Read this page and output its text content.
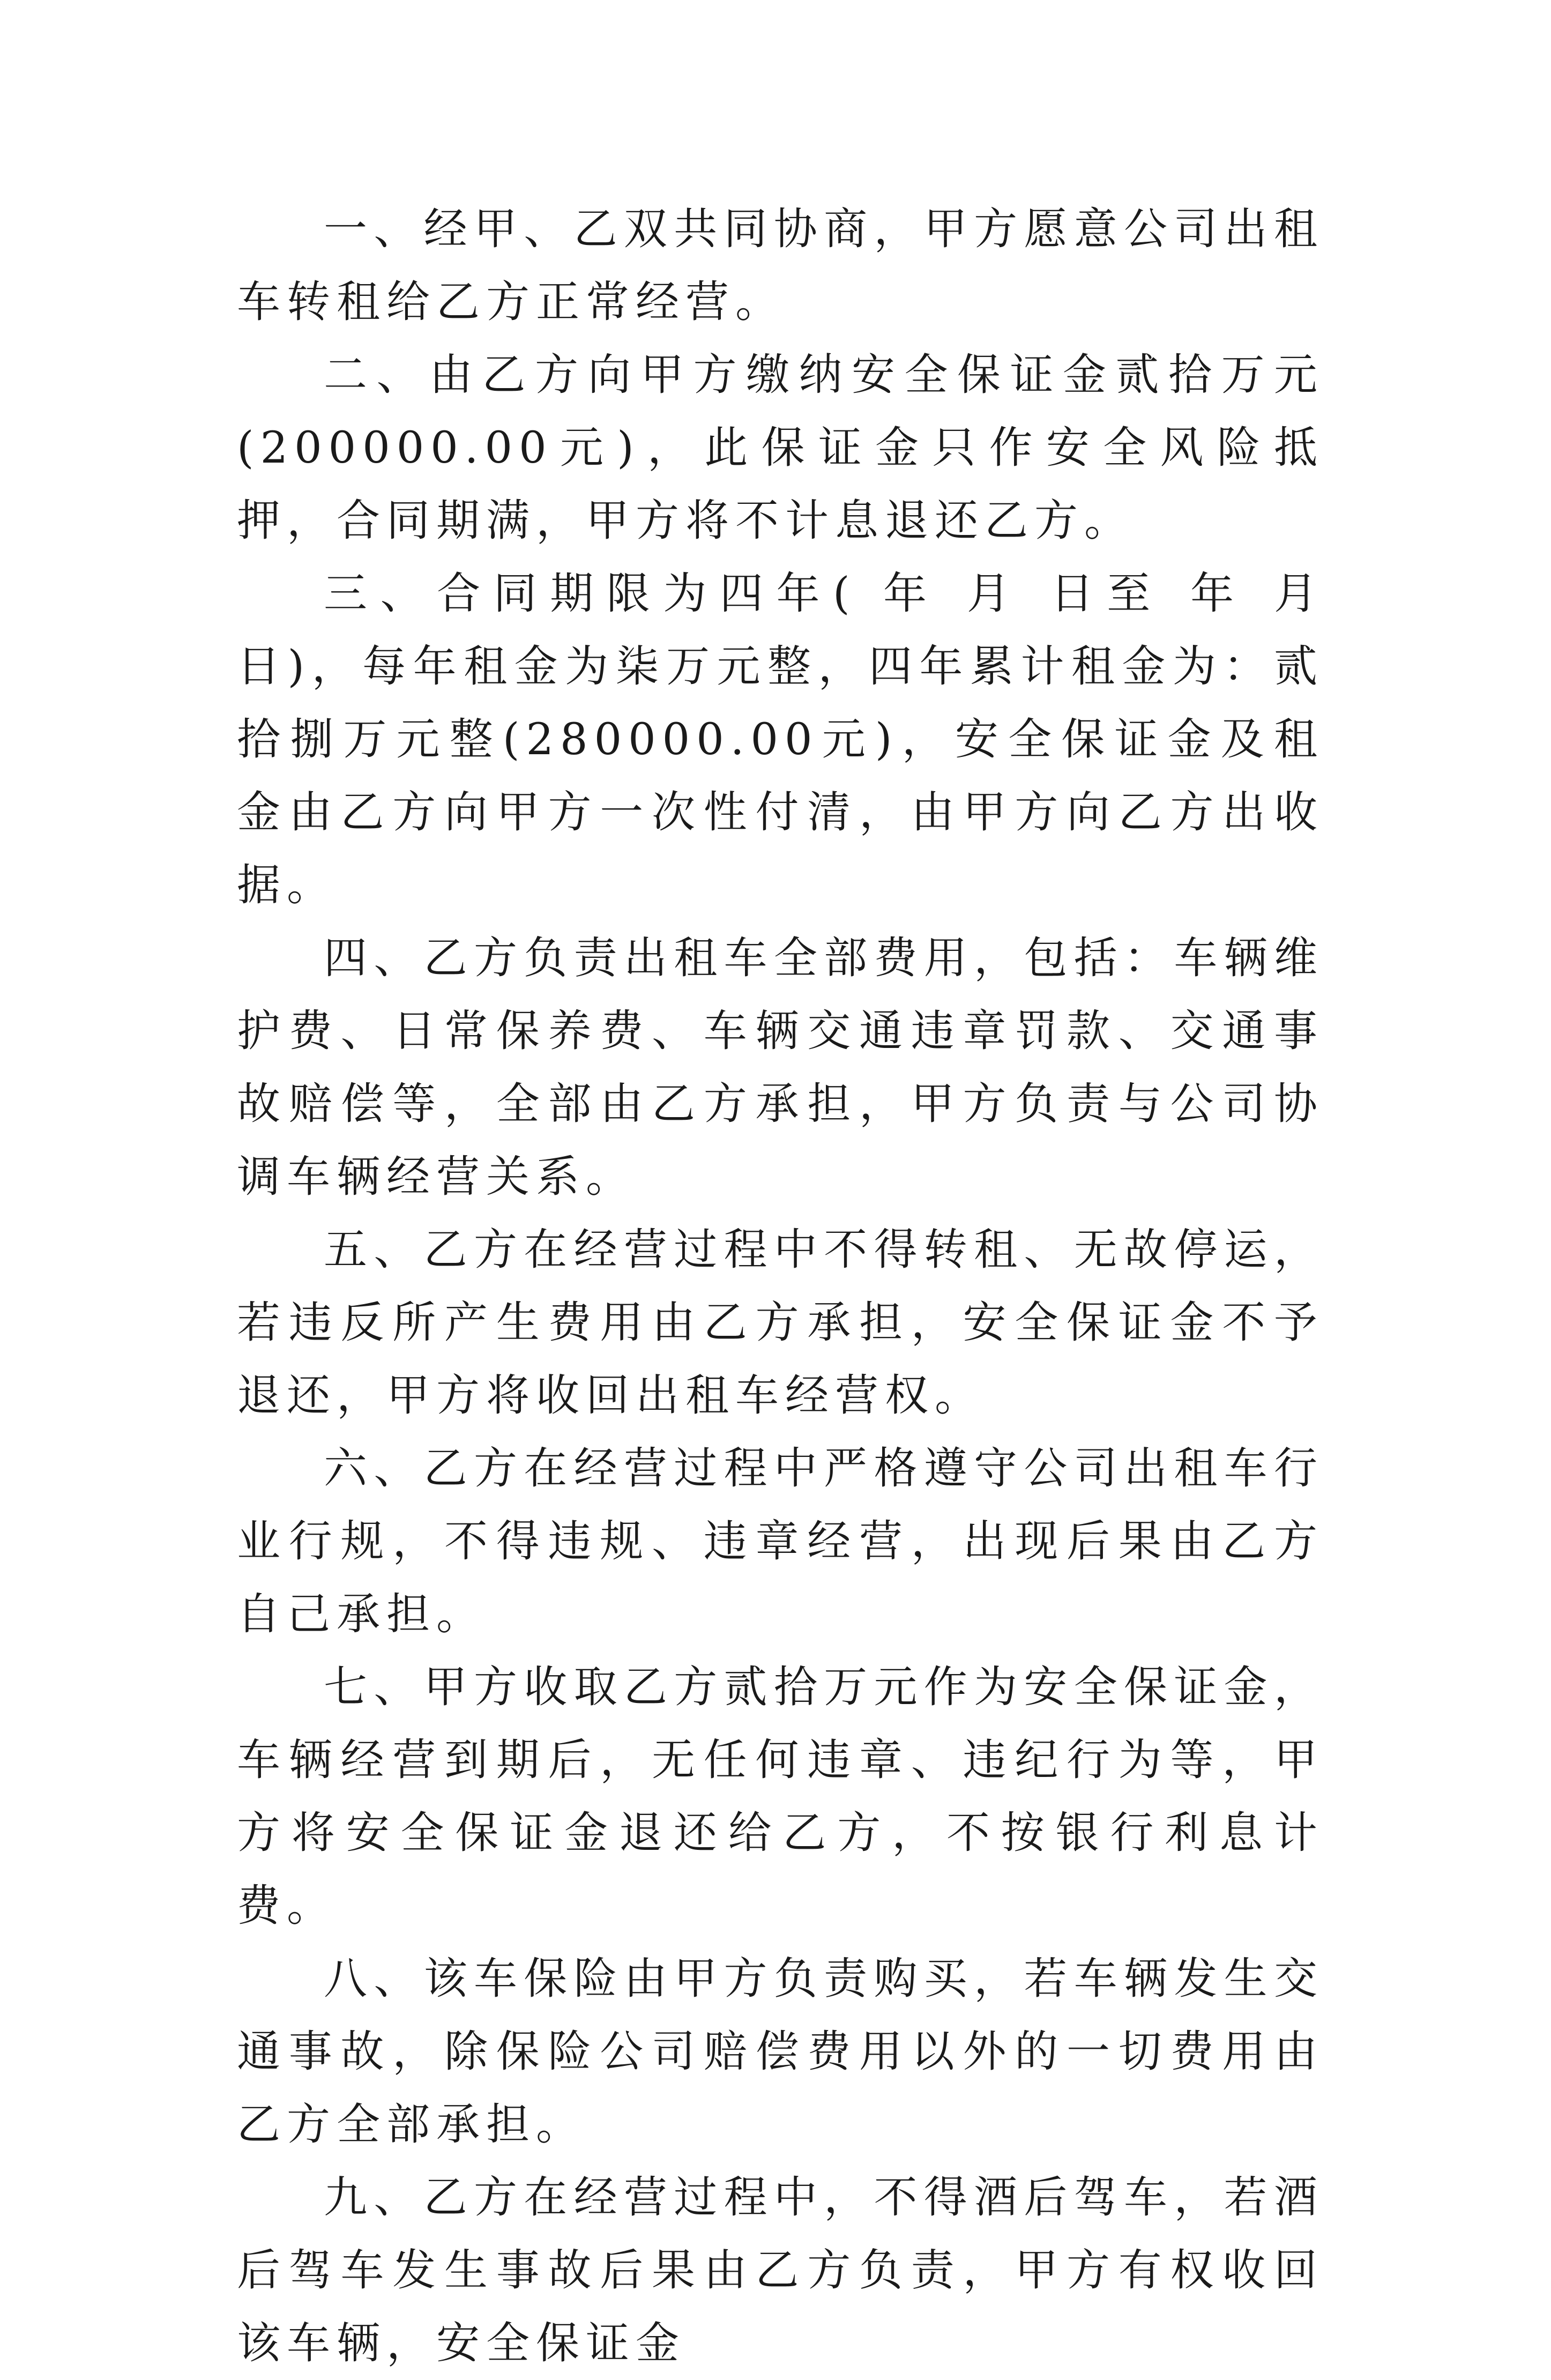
一、经甲、乙双共同协商，甲方愿意公司出租车转租给乙方正常经营。

二、由乙方向甲方缴纳安全保证金贰拾万元(200000.00元)，此保证金只作安全风险抵押，合同期满，甲方将不计息退还乙方。

三、合同期限为四年( 年 月 日至 年 月 日)，每年租金为柒万元整，四年累计租金为：贰拾捌万元整(280000.00元)，安全保证金及租金由乙方向甲方一次性付清，由甲方向乙方出收据。

四、乙方负责出租车全部费用，包括：车辆维护费、日常保养费、车辆交通违章罚款、交通事故赔偿等，全部由乙方承担，甲方负责与公司协调车辆经营关系。

五、乙方在经营过程中不得转租、无故停运，若违反所产生费用由乙方承担，安全保证金不予退还，甲方将收回出租车经营权。

六、乙方在经营过程中严格遵守公司出租车行业行规，不得违规、违章经营，出现后果由乙方自己承担。

七、甲方收取乙方贰拾万元作为安全保证金，车辆经营到期后，无任何违章、违纪行为等，甲方将安全保证金退还给乙方，不按银行利息计费。

八、该车保险由甲方负责购买，若车辆发生交通事故，除保险公司赔偿费用以外的一切费用由乙方全部承担。

九、乙方在经营过程中，不得酒后驾车，若酒后驾车发生事故后果由乙方负责，甲方有权收回该车辆，安全保证金
